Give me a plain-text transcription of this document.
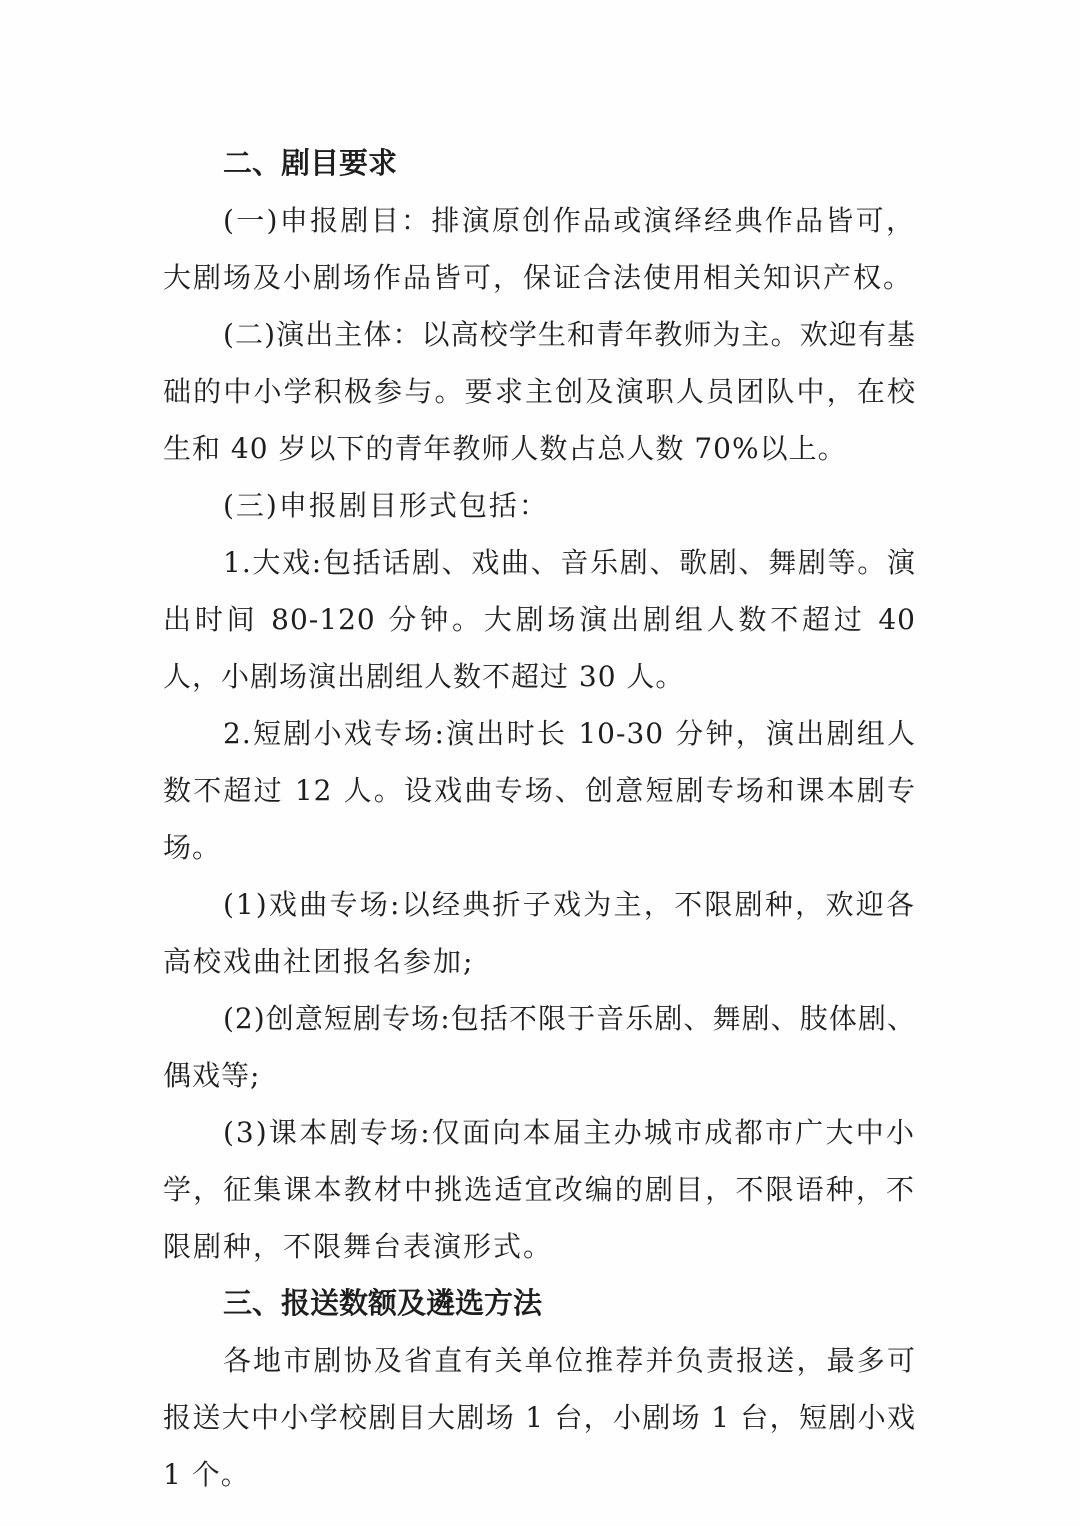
二、剧目要求

(一)申报剧目：排演原创作品或演绎经典作品皆可，大剧场及小剧场作品皆可，保证合法使用相关知识产权。

(二)演出主体：以高校学生和青年教师为主。欢迎有基础的中小学积极参与。要求主创及演职人员团队中，在校生和 40 岁以下的青年教师人数占总人数 70%以上。

(三)申报剧目形式包括：

1.大戏:包括话剧、戏曲、音乐剧、歌剧、舞剧等。演出时间 80-120 分钟。大剧场演出剧组人数不超过 40 人，小剧场演出剧组人数不超过 30 人。

2.短剧小戏专场:演出时长 10-30 分钟，演出剧组人数不超过 12 人。设戏曲专场、创意短剧专场和课本剧专场。

(1)戏曲专场:以经典折子戏为主，不限剧种，欢迎各高校戏曲社团报名参加;

(2)创意短剧专场:包括不限于音乐剧、舞剧、肢体剧、偶戏等;

(3)课本剧专场:仅面向本届主办城市成都市广大中小学，征集课本教材中挑选适宜改编的剧目，不限语种，不限剧种，不限舞台表演形式。

三、报送数额及遴选方法

各地市剧协及省直有关单位推荐并负责报送，最多可报送大中小学校剧目大剧场 1 台，小剧场 1 台，短剧小戏 1 个。
